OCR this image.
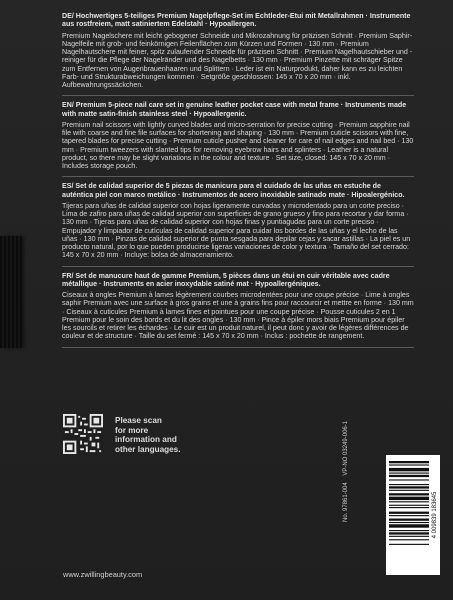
DE/ Hochwertiges 5-teiliges Premium Nagelpflege-Set im Echtleder-Etui mit Metallrahmen · Instrumente aus rostfreiem, matt satiniertem Edelstahl · Hypoallergen.

Premium Nagelschere mit leicht gebogener Schneide und Mikrozahnung für präzisen Schnitt · Premium Saphir-Nagelfeile mit grob- und feinkörnigen Feilenflächen zum Kürzen und Formen · 130 mm · Premium Nagelhautschere mit feiner, spitz zulaufender Schneide für präzisen Schnitt · Premium Nagelhautschieber und -reiniger für die Pflege der Nagelränder und des Nagelbetts · 130 mm · Premium Pinzette mit schräger Spitze zum Entfernen von Augenbrauenhaaren und Splittern · Leder ist ein Naturprodukt, daher kann es zu leichten Farb- und Strukturabweichungen kommen · Setgröße geschlossen: 145 x 70 x 20 mm · inkl. Aufbewahrungssäckchen.

EN/ Premium 5-piece nail care set in genuine leather pocket case with metal frame · Instruments made with matte satin-finish stainless steel · Hypoallergenic.

Premium nail scissors with lightly curved blades and micro-serration for precise cutting · Premium sapphire nail file with coarse and fine file surfaces for shortening and shaping · 130 mm · Premium cuticle scissors with fine, tapered blades for precise cutting · Premium cuticle pusher and cleaner for care of nail edges and nail bed · 130 mm · Premium tweezers with slanted tips for removing eyebrow hairs and splinters · Leather is a natural product, so there may be slight variations in the colour and texture · Set size, closed: 145 x 70 x 20 mm · Includes storage pouch.

ES/ Set de calidad superior de 5 piezas de manicura para el cuidado de las uñas en estuche de auténtica piel con marco metálico · Instrumentos de acero inoxidable satinado mate · Hipoalergénico.

Tijeras para uñas de calidad superior con hojas ligeramente curvadas y microdentado para un corte preciso · Lima de zafiro para uñas de calidad superior con superficies de grano grueso y fino para recortar y dar forma · 130 mm · Tijeras para uñas de calidad superior con hojas finas y puntiagudas para un corte preciso · Empujador y limpiador de cutículas de calidad superior para cuidar los bordes de las uñas y el lecho de las uñas · 130 mm · Pinzas de calidad superior de punta sesgada para depilar cejas y sacar astillas · La piel es un producto natural, por lo que pueden producirse ligeras variaciones de color y textura · Tamaño del set cerrado: 145 x 70 x 20 mm · Incluye: bolsa de almacenamiento.

FR/ Set de manucure haut de gamme Premium, 5 pièces dans un étui en cuir véritable avec cadre métallique · Instruments en acier inoxydable satiné mat · Hypoallergéniques.

Ciseaux à ongles Premium à lames légèrement courbes microdentées pour une coupe précise · Lime à ongles saphir Premium avec une surface à gros grains et une à grains fins pour raccourcir et mettre en forme · 130 mm · Ciseaux à cuticules Premium à lames fines et pointues pour une coupe précise · Pousse cuticules 2 en 1 Premium pour le soin des bords et du lit des ongles · 130 mm · Pince à épiler mors biais Premium pour épiler les sourcils et retirer les échardes · Le cuir est un produit naturel, il peut donc y avoir de légères différences de couleur et de structure · Taille du set fermé : 145 x 70 x 20 mm · Inclus : pochette de rangement.

Please scan
for more
information and
other languages.
No. 97861-004    VP-NO 03249-006-1
4 009839 183645
www.zwillingbeauty.com
